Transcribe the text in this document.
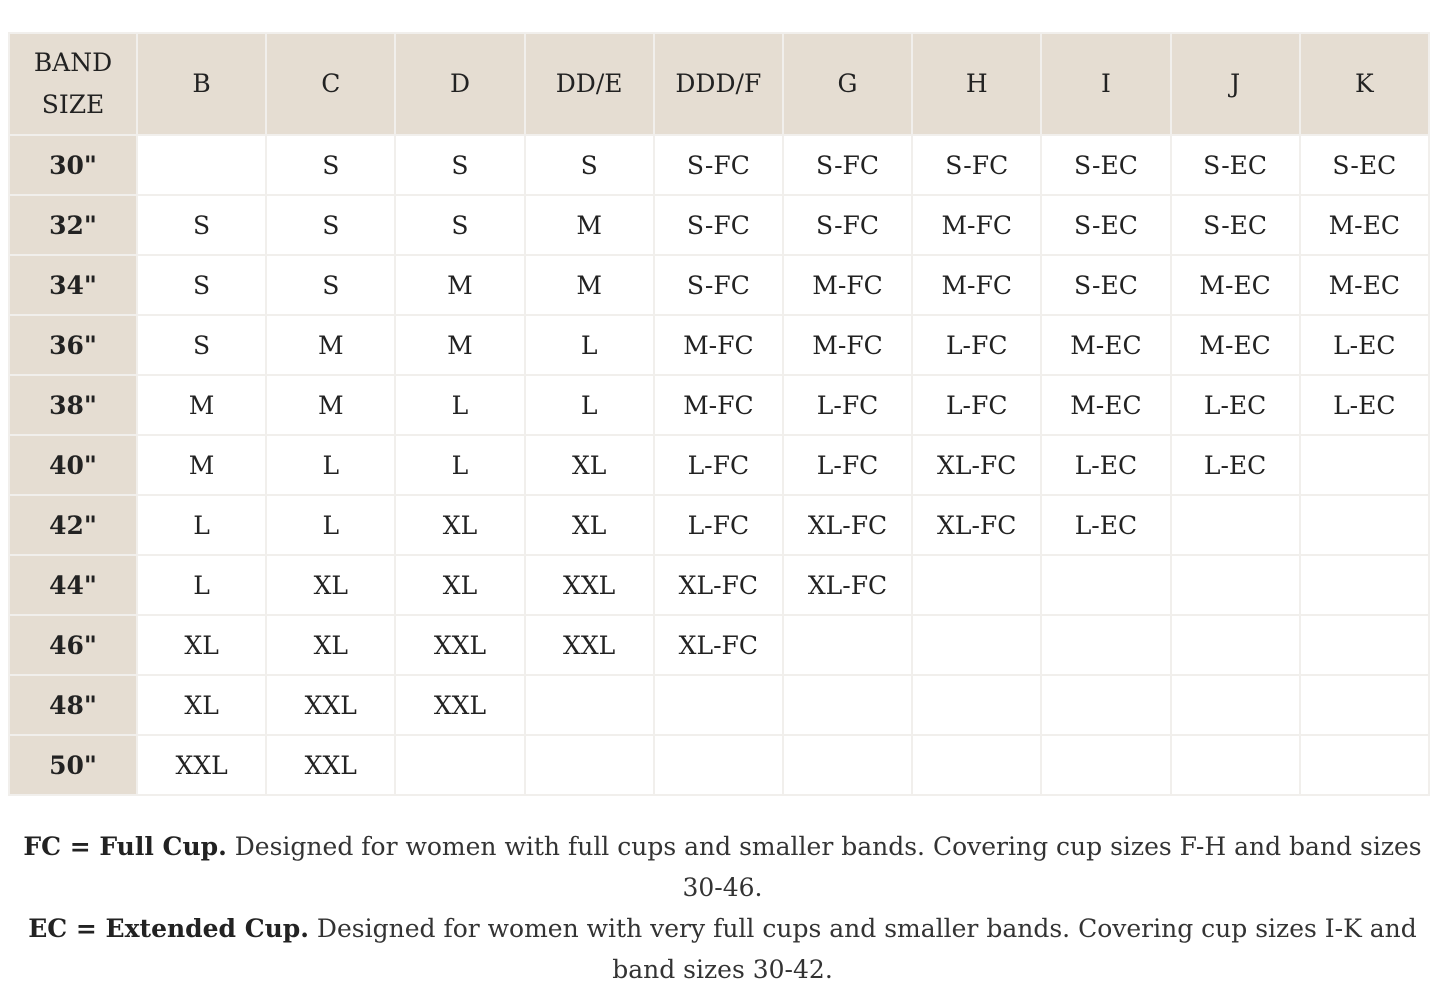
BAND
SIZE	B	C	D	DD/E	DDD/F	G	H	I	J	K
30"		S	S	S	S-FC	S-FC	S-FC	S-EC	S-EC	S-EC
32"	S	S	S	M	S-FC	S-FC	M-FC	S-EC	S-EC	M-EC
34"	S	S	M	M	S-FC	M-FC	M-FC	S-EC	M-EC	M-EC
36"	S	M	M	L	M-FC	M-FC	L-FC	M-EC	M-EC	L-EC
38"	M	M	L	L	M-FC	L-FC	L-FC	M-EC	L-EC	L-EC
40"	M	L	L	XL	L-FC	L-FC	XL-FC	L-EC	L-EC	
42"	L	L	XL	XL	L-FC	XL-FC	XL-FC	L-EC		
44"	L	XL	XL	XXL	XL-FC	XL-FC				
46"	XL	XL	XXL	XXL	XL-FC					
48"	XL	XXL	XXL							
50"	XXL	XXL								

FC = Full Cup. Designed for women with full cups and smaller bands. Covering cup sizes F-H and band sizes 30-46.

EC = Extended Cup. Designed for women with very full cups and smaller bands. Covering cup sizes I-K and band sizes 30-42.
